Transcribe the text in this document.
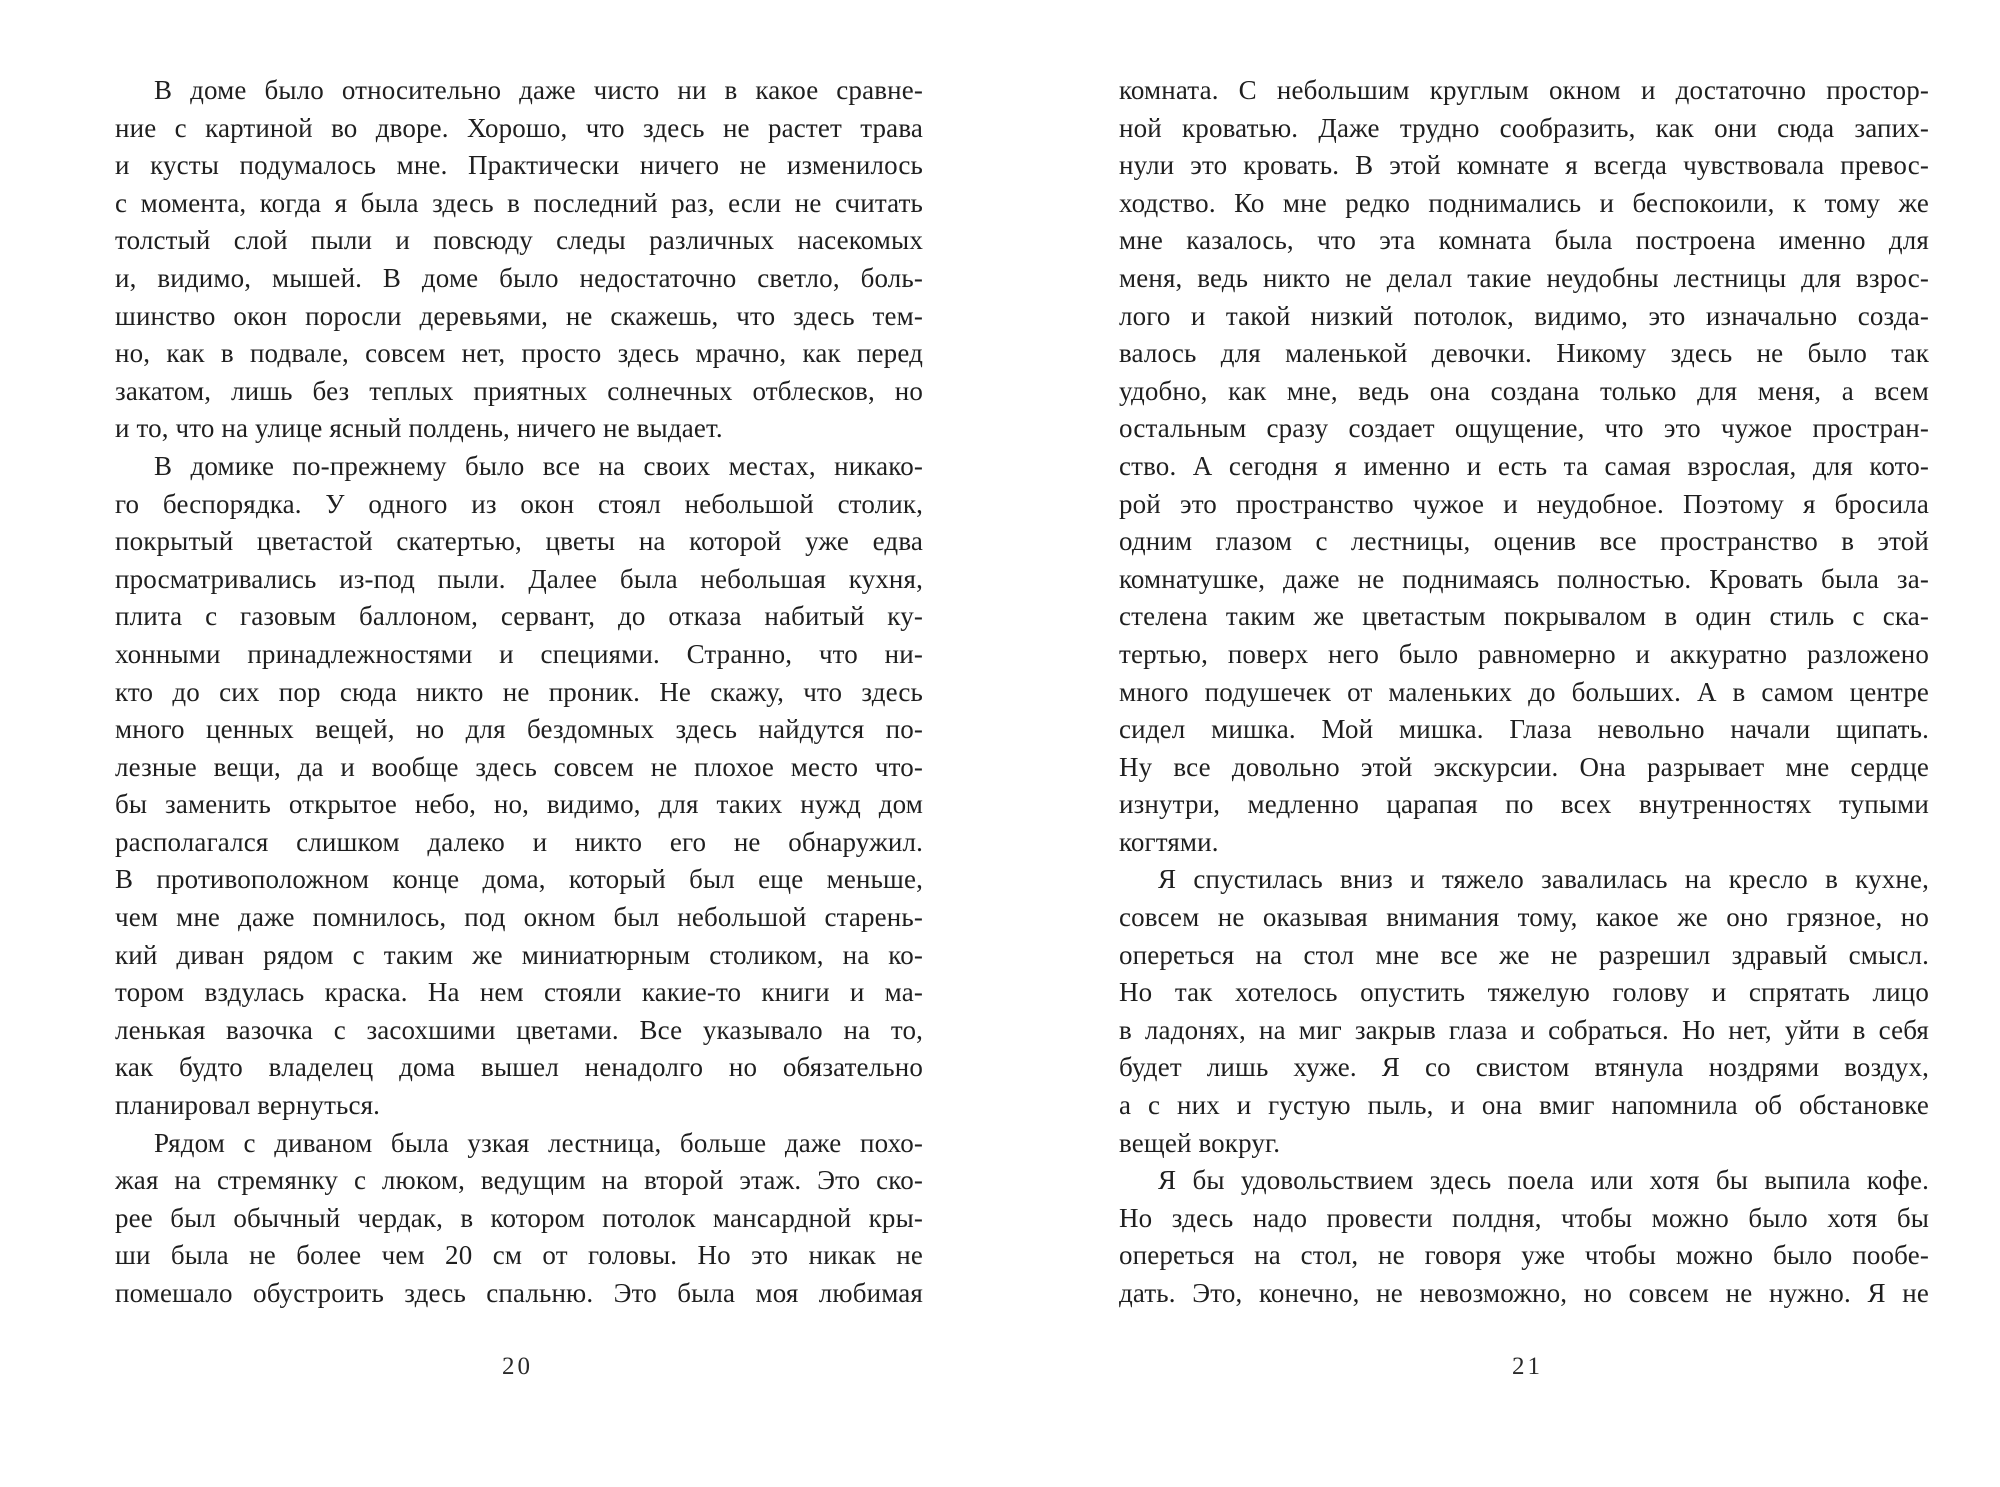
В доме было относительно даже чисто ни в какое сравне-
ние с картиной во дворе. Хорошо, что здесь не растет трава
и кусты подумалось мне. Практически ничего не изменилось
с момента, когда я была здесь в последний раз, если не считать
толстый слой пыли и повсюду следы различных насекомых
и, видимо, мышей. В доме было недостаточно светло, боль-
шинство окон поросли деревьями, не скажешь, что здесь тем-
но, как в подвале, совсем нет, просто здесь мрачно, как перед
закатом, лишь без теплых приятных солнечных отблесков, но
и то, что на улице ясный полдень, ничего не выдает.
В домике по-прежнему было все на своих местах, никако-
го беспорядка. У одного из окон стоял небольшой столик,
покрытый цветастой скатертью, цветы на которой уже едва
просматривались из-под пыли. Далее была небольшая кухня,
плита с газовым баллоном, сервант, до отказа набитый ку-
хонными принадлежностями и специями. Странно, что ни-
кто до сих пор сюда никто не проник. Не скажу, что здесь
много ценных вещей, но для бездомных здесь найдутся по-
лезные вещи, да и вообще здесь совсем не плохое место что-
бы заменить открытое небо, но, видимо, для таких нужд дом
располагался слишком далеко и никто его не обнаружил.
В противоположном конце дома, который был еще меньше,
чем мне даже помнилось, под окном был небольшой старень-
кий диван рядом с таким же миниатюрным столиком, на ко-
тором вздулась краска. На нем стояли какие-то книги и ма-
ленькая вазочка с засохшими цветами. Все указывало на то,
как будто владелец дома вышел ненадолго но обязательно
планировал вернуться.
Рядом с диваном была узкая лестница, больше даже похо-
жая на стремянку с люком, ведущим на второй этаж. Это ско-
рее был обычный чердак, в котором потолок мансардной кры-
ши была не более чем 20 см от головы. Но это никак не
помешало обустроить здесь спальню. Это была моя любимая
комната. С небольшим круглым окном и достаточно простор-
ной кроватью. Даже трудно сообразить, как они сюда запих-
нули это кровать. В этой комнате я всегда чувствовала превос-
ходство. Ко мне редко поднимались и беспокоили, к тому же
мне казалось, что эта комната была построена именно для
меня, ведь никто не делал такие неудобны лестницы для взрос-
лого и такой низкий потолок, видимо, это изначально созда-
валось для маленькой девочки. Никому здесь не было так
удобно, как мне, ведь она создана только для меня, а всем
остальным сразу создает ощущение, что это чужое простран-
ство. А сегодня я именно и есть та самая взрослая, для кото-
рой это пространство чужое и неудобное. Поэтому я бросила
одним глазом с лестницы, оценив все пространство в этой
комнатушке, даже не поднимаясь полностью. Кровать была за-
стелена таким же цветастым покрывалом в один стиль с ска-
тертью, поверх него было равномерно и аккуратно разложено
много подушечек от маленьких до больших. А в самом центре
сидел мишка. Мой мишка. Глаза невольно начали щипать.
Ну все довольно этой экскурсии. Она разрывает мне сердце
изнутри, медленно царапая по всех внутренностях тупыми
когтями.
Я спустилась вниз и тяжело завалилась на кресло в кухне,
совсем не оказывая внимания тому, какое же оно грязное, но
опереться на стол мне все же не разрешил здравый смысл.
Но так хотелось опустить тяжелую голову и спрятать лицо
в ладонях, на миг закрыв глаза и собраться. Но нет, уйти в себя
будет лишь хуже. Я со свистом втянула ноздрями воздух,
а с них и густую пыль, и она вмиг напомнила об обстановке
вещей вокруг.
Я бы удовольствием здесь поела или хотя бы выпила кофе.
Но здесь надо провести полдня, чтобы можно было хотя бы
опереться на стол, не говоря уже чтобы можно было пообе-
дать. Это, конечно, не невозможно, но совсем не нужно. Я не
20	21
